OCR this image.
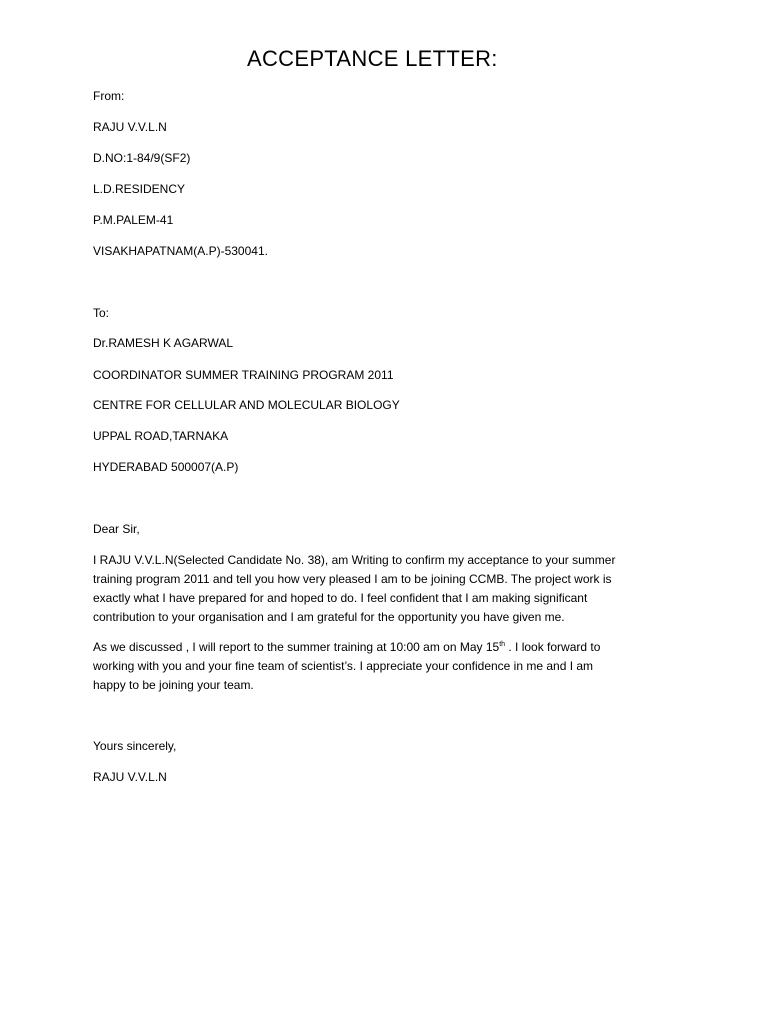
ACCEPTANCE LETTER:
From:
RAJU V.V.L.N
D.NO:1-84/9(SF2)
L.D.RESIDENCY
P.M.PALEM-41
VISAKHAPATNAM(A.P)-530041.
To:
Dr.RAMESH K AGARWAL
COORDINATOR SUMMER TRAINING PROGRAM 2011
CENTRE FOR CELLULAR AND MOLECULAR BIOLOGY
UPPAL ROAD,TARNAKA
HYDERABAD 500007(A.P)
Dear Sir,
I RAJU V.V.L.N(Selected Candidate No. 38), am Writing to confirm my acceptance to your summer
training program 2011 and tell you how very pleased I am to be joining CCMB. The project work is
exactly what I have prepared for and hoped to do. I feel confident that I am making significant
contribution to your organisation and I am grateful for the opportunity you have given me.
As we discussed , I will report to the summer training at 10:00 am on May 15th . I look forward to
working with you and your fine team of scientist’s. I appreciate your confidence in me and I am
happy to be joining your team.
Yours sincerely,
RAJU V.V.L.N
